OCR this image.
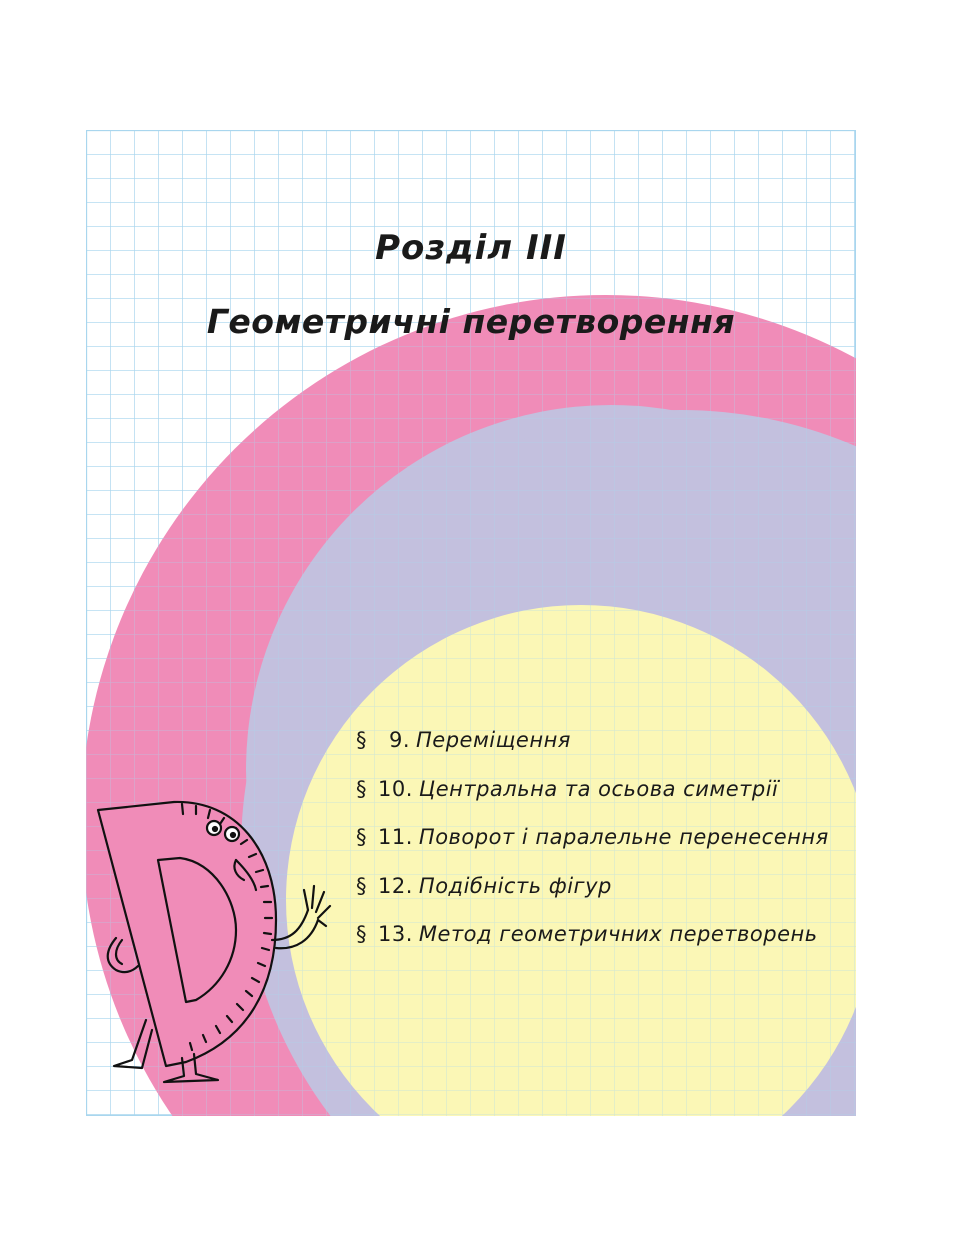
Розділ III
Геометричні перетворення
§ 9. Переміщення
§ 10. Центральна та осьова симетрії
§ 11. Поворот і паралельне перенесення
§ 12. Подібність фігур
§ 13. Метод геометричних перетворень
